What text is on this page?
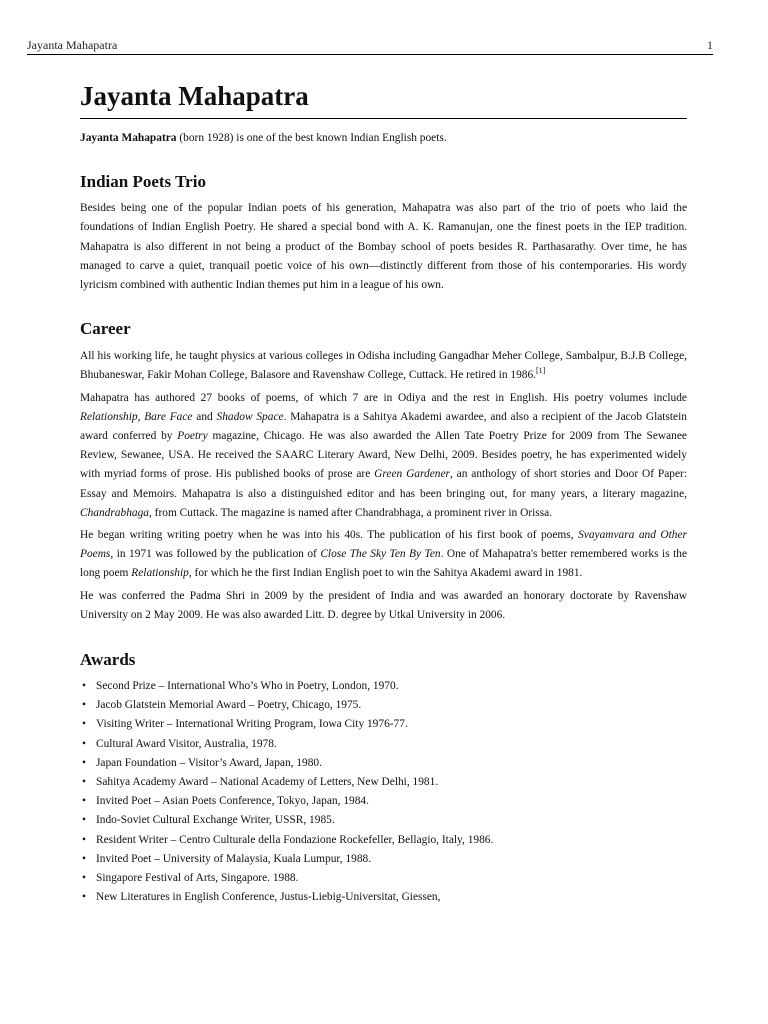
Jayanta Mahapatra	1
Jayanta Mahapatra

Jayanta Mahapatra (born 1928) is one of the best known Indian English poets.

Indian Poets Trio

Besides being one of the popular Indian poets of his generation, Mahapatra was also part of the trio of poets who laid the foundations of Indian English Poetry. He shared a special bond with A. K. Ramanujan, one the finest poets in the IEP tradition. Mahapatra is also different in not being a product of the Bombay school of poets besides R. Parthasarathy. Over time, he has managed to carve a quiet, tranquail poetic voice of his own—distinctly different from those of his contemporaries. His wordy lyricism combined with authentic Indian themes put him in a league of his own.

Career

All his working life, he taught physics at various colleges in Odisha including Gangadhar Meher College, Sambalpur, B.J.B College, Bhubaneswar, Fakir Mohan College, Balasore and Ravenshaw College, Cuttack. He retired in 1986.[1]

Mahapatra has authored 27 books of poems, of which 7 are in Odiya and the rest in English. His poetry volumes include Relationship, Bare Face and Shadow Space. Mahapatra is a Sahitya Akademi awardee, and also a recipient of the Jacob Glatstein award conferred by Poetry magazine, Chicago. He was also awarded the Allen Tate Poetry Prize for 2009 from The Sewanee Review, Sewanee, USA. He received the SAARC Literary Award, New Delhi, 2009. Besides poetry, he has experimented widely with myriad forms of prose. His published books of prose are Green Gardener, an anthology of short stories and Door Of Paper: Essay and Memoirs. Mahapatra is also a distinguished editor and has been bringing out, for many years, a literary magazine, Chandrabhaga, from Cuttack. The magazine is named after Chandrabhaga, a prominent river in Orissa.

He began writing writing poetry when he was into his 40s. The publication of his first book of poems, Svayamvara and Other Poems, in 1971 was followed by the publication of Close The Sky Ten By Ten. One of Mahapatra's better remembered works is the long poem Relationship, for which he the first Indian English poet to win the Sahitya Akademi award in 1981.

He was conferred the Padma Shri in 2009 by the president of India and was awarded an honorary doctorate by Ravenshaw University on 2 May 2009. He was also awarded Litt. D. degree by Utkal University in 2006.

Awards
• Second Prize – International Who’s Who in Poetry, London, 1970.
• Jacob Glatstein Memorial Award – Poetry, Chicago, 1975.
• Visiting Writer – International Writing Program, Iowa City 1976-77.
• Cultural Award Visitor, Australia, 1978.
• Japan Foundation – Visitor’s Award, Japan, 1980.
• Sahitya Academy Award – National Academy of Letters, New Delhi, 1981.
• Invited Poet – Asian Poets Conference, Tokyo, Japan, 1984.
• Indo-Soviet Cultural Exchange Writer, USSR, 1985.
• Resident Writer – Centro Culturale della Fondazione Rockefeller, Bellagio, Italy, 1986.
• Invited Poet – University of Malaysia, Kuala Lumpur, 1988.
• Singapore Festival of Arts, Singapore. 1988.
• New Literatures in English Conference, Justus-Liebig-Universitat, Giessen,
